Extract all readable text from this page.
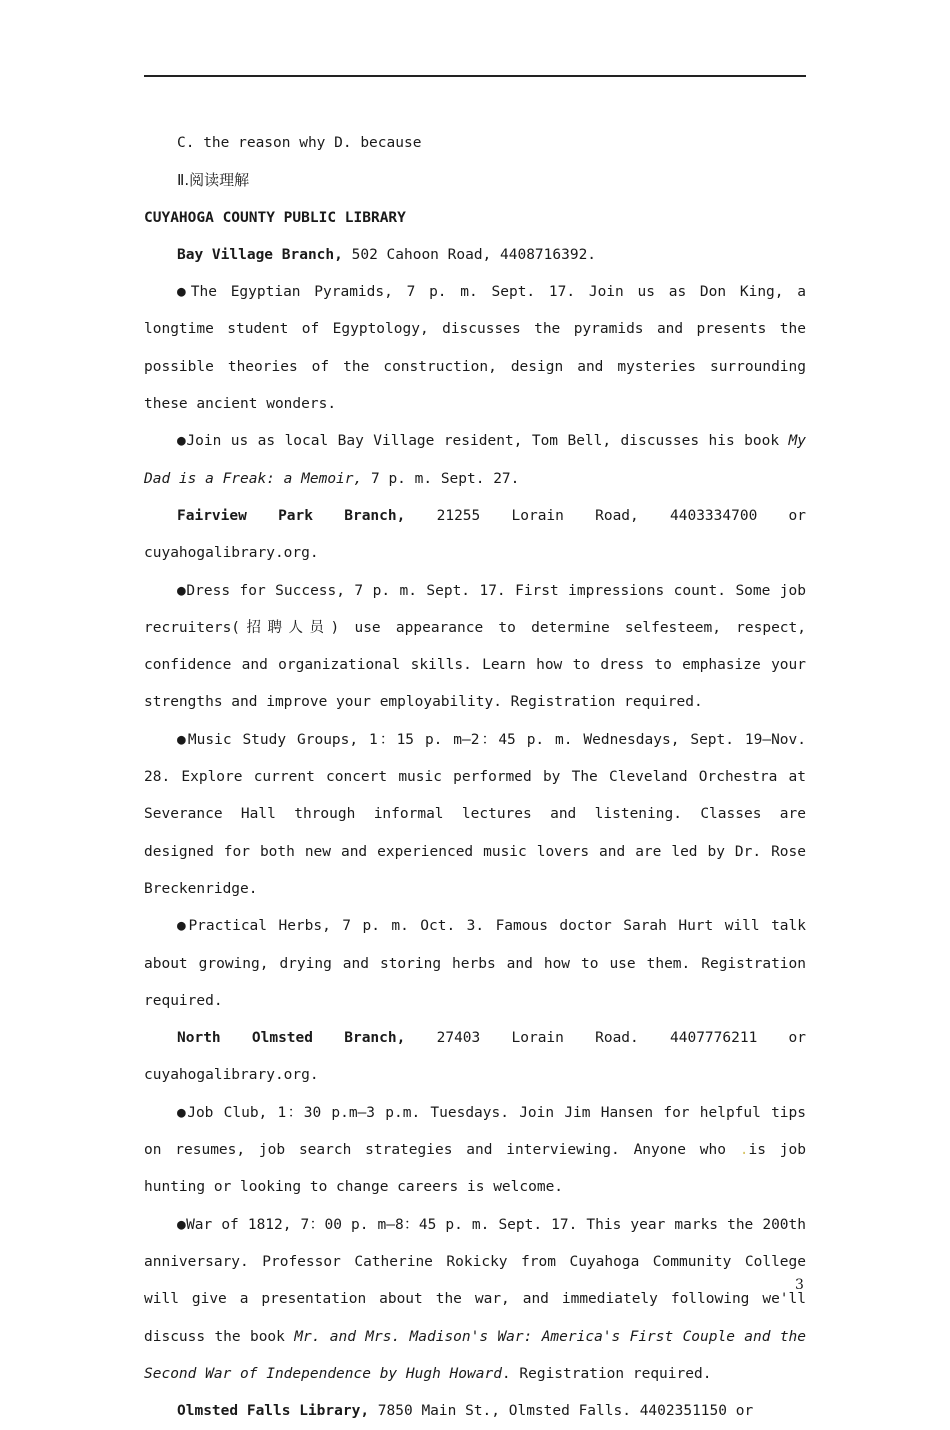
C. the reason why D. because

Ⅱ.阅读理解

CUYAHOGA COUNTY PUBLIC LIBRARY

Bay Village Branch, 502 Cahoon Road, 4408716392.

●The Egyptian Pyramids, 7 p. m. Sept. 17. Join us as Don King, a longtime student of Egyptology, discusses the pyramids and presents the possible theories of the construction, design and mysteries surrounding these ancient wonders.

●Join us as local Bay Village resident, Tom Bell, discusses his book My Dad is a Freak: a Memoir, 7 p. m. Sept. 27.

Fairview Park Branch, 21255 Lorain Road, 4403334700 or cuyahogalibrary.org.

●Dress for Success, 7 p. m. Sept. 17. First impressions count. Some job recruiters(招聘人员) use appearance to determine selfesteem, respect, confidence and organizational skills. Learn how to dress to emphasize your strengths and improve your employability. Registration required.

●Music Study Groups, 1：15 p. m—2：45 p. m. Wednesdays, Sept. 19—Nov. 28. Explore current concert music performed by The Cleveland Orchestra at Severance Hall through informal lectures and listening. Classes are designed for both new and experienced music lovers and are led by Dr. Rose Breckenridge.

●Practical Herbs, 7 p. m. Oct. 3. Famous doctor Sarah Hurt will talk about growing, drying and storing herbs and how to use them. Registration required.

North Olmsted Branch, 27403 Lorain Road. 4407776211 or cuyahogalibrary.org.

●Job Club, 1：30 p.m—3 p.m. Tuesdays. Join Jim Hansen for helpful tips on resumes, job search strategies and interviewing. Anyone who .is job hunting or looking to change careers is welcome.

●War of 1812, 7：00 p. m—8：45 p. m. Sept. 17. This year marks the 200th anniversary. Professor Catherine Rokicky from Cuyahoga Community College will give a presentation about the war, and immediately following we'll discuss the book Mr. and Mrs. Madison's War: America's First Couple and the Second War of Independence by Hugh Howard. Registration required.

Olmsted Falls Library, 7850 Main St., Olmsted Falls. 4402351150 or

3
